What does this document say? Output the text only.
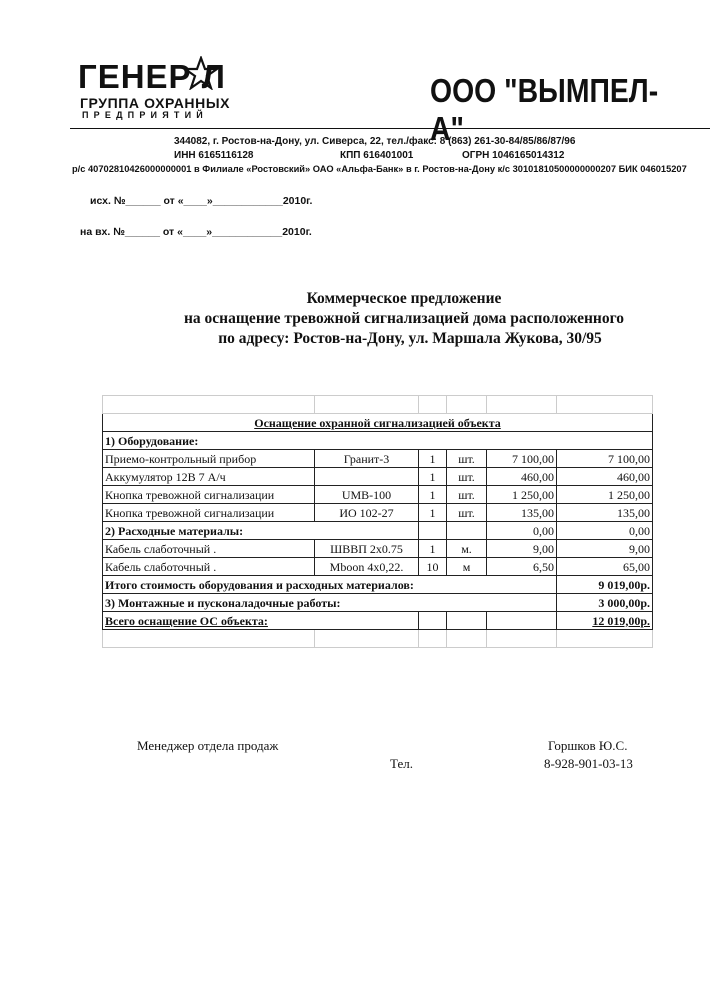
ГЕНЕР Л
ГРУППА ОХРАННЫХ
ПРЕДПРИЯТИЙ
ООО "ВЫМПЕЛ-А"
344082, г. Ростов-на-Дону, ул. Сиверса, 22, тел./факс: 8 (863) 261-30-84/85/86/87/96
ИНН 6165116128	КПП 616401001	ОГРН 1046165014312
р/с 40702810426000000001 в Филиале «Ростовский» ОАО «Альфа-Банк» в г. Ростов-на-Дону к/с 30101810500000000207 БИК 046015207
исх. №______ от «____»____________2010г.
на вх. №______ от «____»____________2010г.
Коммерческое предложение
на оснащение тревожной сигнализацией дома расположенного
по адресу: Ростов-на-Дону, ул. Маршала Жукова, 30/95

Оснащение охранной сигнализацией объекта					
1) Оборудование:					
Приемо-контрольный прибор	Гранит-3	1	шт.	7 100,00	7 100,00
Аккумулятор 12В 7 А/ч		1	шт.	460,00	460,00
Кнопка тревожной сигнализации	UMB-100	1	шт.	1 250,00	1 250,00
Кнопка тревожной сигнализации	ИО 102-27	1	шт.	135,00	135,00
2) Расходные материалы:				0,00	0,00
Кабель слаботочный .	ШВВП 2х0.75	1	м.	9,00	9,00
Кабель слаботочный .	Mboon 4х0,22.	10	м	6,50	65,00
Итого стоимость оборудования и расходных материалов:					9 019,00р.
3) Монтажные и пусконаладочные работы:					3 000,00р.
Всего оснащение ОС объекта:					12 019,00р.

Менеджер отдела продаж	Горшков Ю.С.
Тел.	8-928-901-03-13
